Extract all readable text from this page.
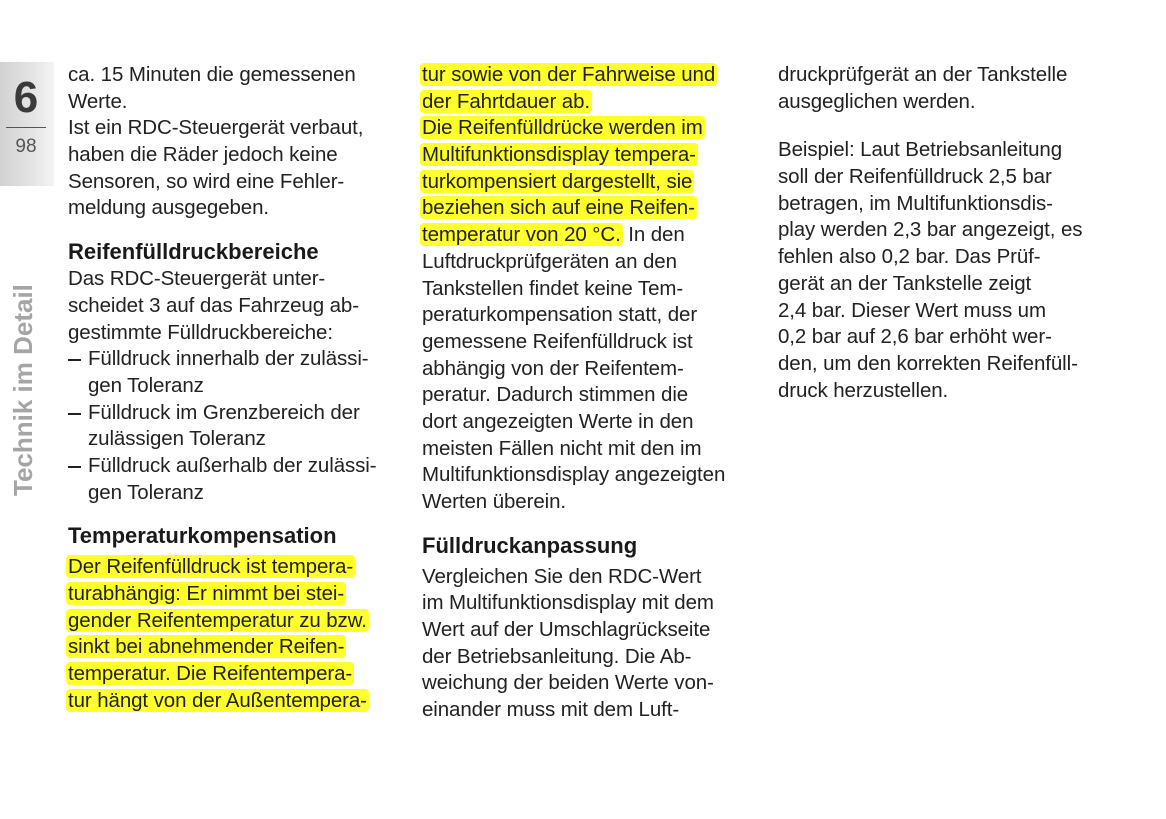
6
98
Technik im Detail
ca. 15 Minuten die gemessenen
Werte.
Ist ein RDC-Steuergerät verbaut,
haben die Räder jedoch keine
Sensoren, so wird eine Fehler-
meldung ausgegeben.
Reifenfülldruckbereiche
Das RDC-Steuergerät unter-
scheidet 3 auf das Fahrzeug ab-
gestimmte Fülldruckbereiche:
Fülldruck innerhalb der zulässi-
gen Toleranz
Fülldruck im Grenzbereich der
zulässigen Toleranz
Fülldruck außerhalb der zulässi-
gen Toleranz
Temperaturkompensation
Der Reifenfülldruck ist tempera-
turabhängig: Er nimmt bei stei-
gender Reifentemperatur zu bzw.
sinkt bei abnehmender Reifen-
temperatur. Die Reifentempera-
tur hängt von der Außentempera-
tur sowie von der Fahrweise und
der Fahrtdauer ab.
Die Reifenfülldrücke werden im
Multifunktionsdisplay tempera-
turkompensiert dargestellt, sie
beziehen sich auf eine Reifen-
temperatur von 20 °C. In den
Luftdruckprüfgeräten an den
Tankstellen findet keine Tem-
peraturkompensation statt, der
gemessene Reifenfülldruck ist
abhängig von der Reifentem-
peratur. Dadurch stimmen die
dort angezeigten Werte in den
meisten Fällen nicht mit den im
Multifunktionsdisplay angezeigten
Werten überein.
Fülldruckanpassung
Vergleichen Sie den RDC-Wert
im Multifunktionsdisplay mit dem
Wert auf der Umschlagrückseite
der Betriebsanleitung. Die Ab-
weichung der beiden Werte von-
einander muss mit dem Luft-
druckprüfgerät an der Tankstelle
ausgeglichen werden.
Beispiel: Laut Betriebsanleitung
soll der Reifenfülldruck 2,5 bar
betragen, im Multifunktionsdis-
play werden 2,3 bar angezeigt, es
fehlen also 0,2 bar. Das Prüf-
gerät an der Tankstelle zeigt
2,4 bar. Dieser Wert muss um
0,2 bar auf 2,6 bar erhöht wer-
den, um den korrekten Reifenfüll-
druck herzustellen.
